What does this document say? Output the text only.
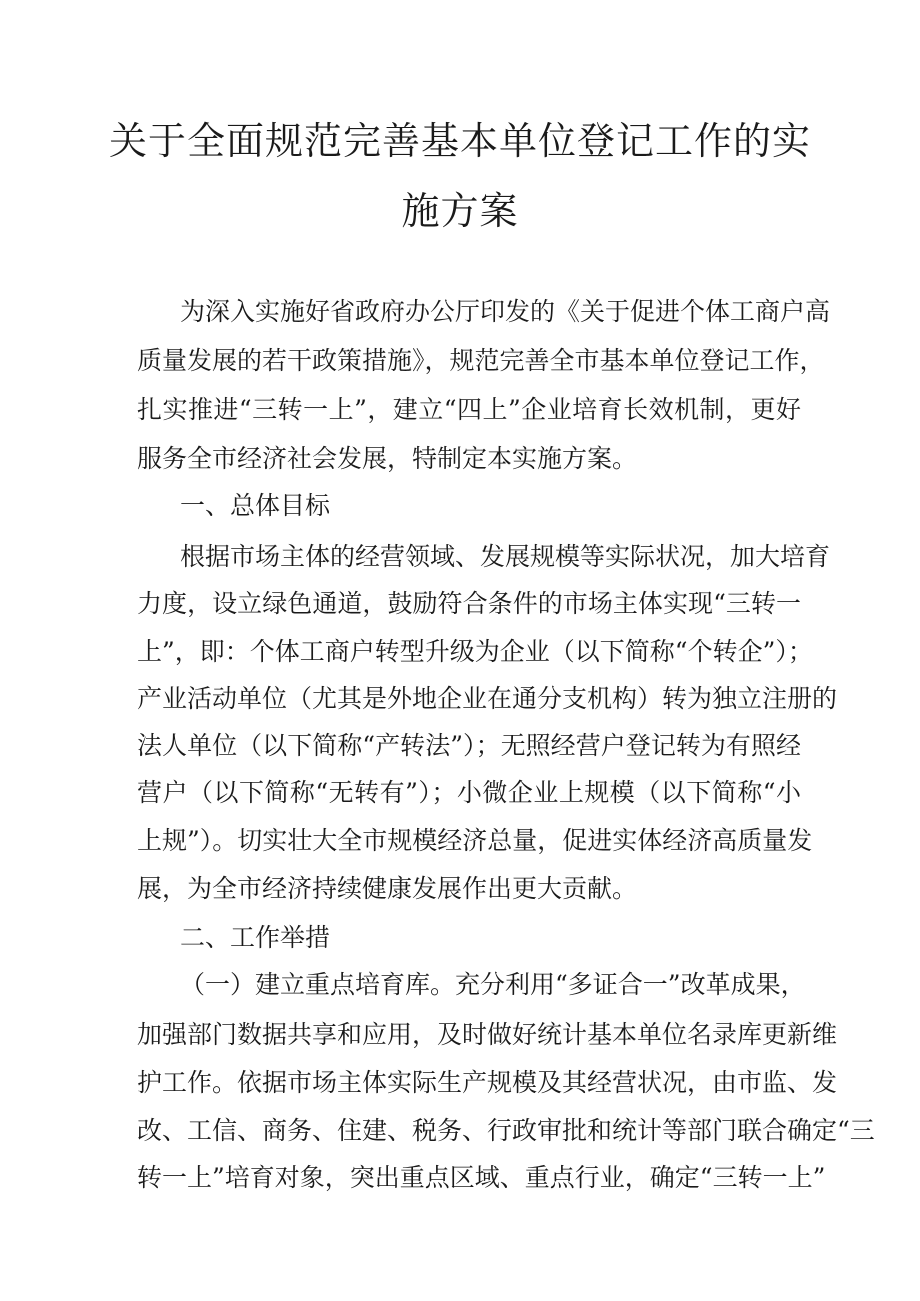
关于全面规范完善基本单位登记工作的实
施方案
为深入实施好省政府办公厅印发的《关于促进个体工商户高
质量发展的若干政策措施》，规范完善全市基本单位登记工作，
扎实推进“三转一上”，建立“四上”企业培育长效机制，更好
服务全市经济社会发展，特制定本实施方案。
一、总体目标
根据市场主体的经营领域、发展规模等实际状况，加大培育
力度，设立绿色通道，鼓励符合条件的市场主体实现“三转一
上”，即：个体工商户转型升级为企业（以下简称“个转企”）；
产业活动单位（尤其是外地企业在通分支机构）转为独立注册的
法人单位（以下简称“产转法”）；无照经营户登记转为有照经
营户（以下简称“无转有”）；小微企业上规模（以下简称“小
上规”）。切实壮大全市规模经济总量，促进实体经济高质量发
展，为全市经济持续健康发展作出更大贡献。
二、工作举措
（一）建立重点培育库。充分利用“多证合一”改革成果，
加强部门数据共享和应用，及时做好统计基本单位名录库更新维
护工作。依据市场主体实际生产规模及其经营状况，由市监、发
改、工信、商务、住建、税务、行政审批和统计等部门联合确定“三
转一上”培育对象，突出重点区域、重点行业，确定“三转一上”
